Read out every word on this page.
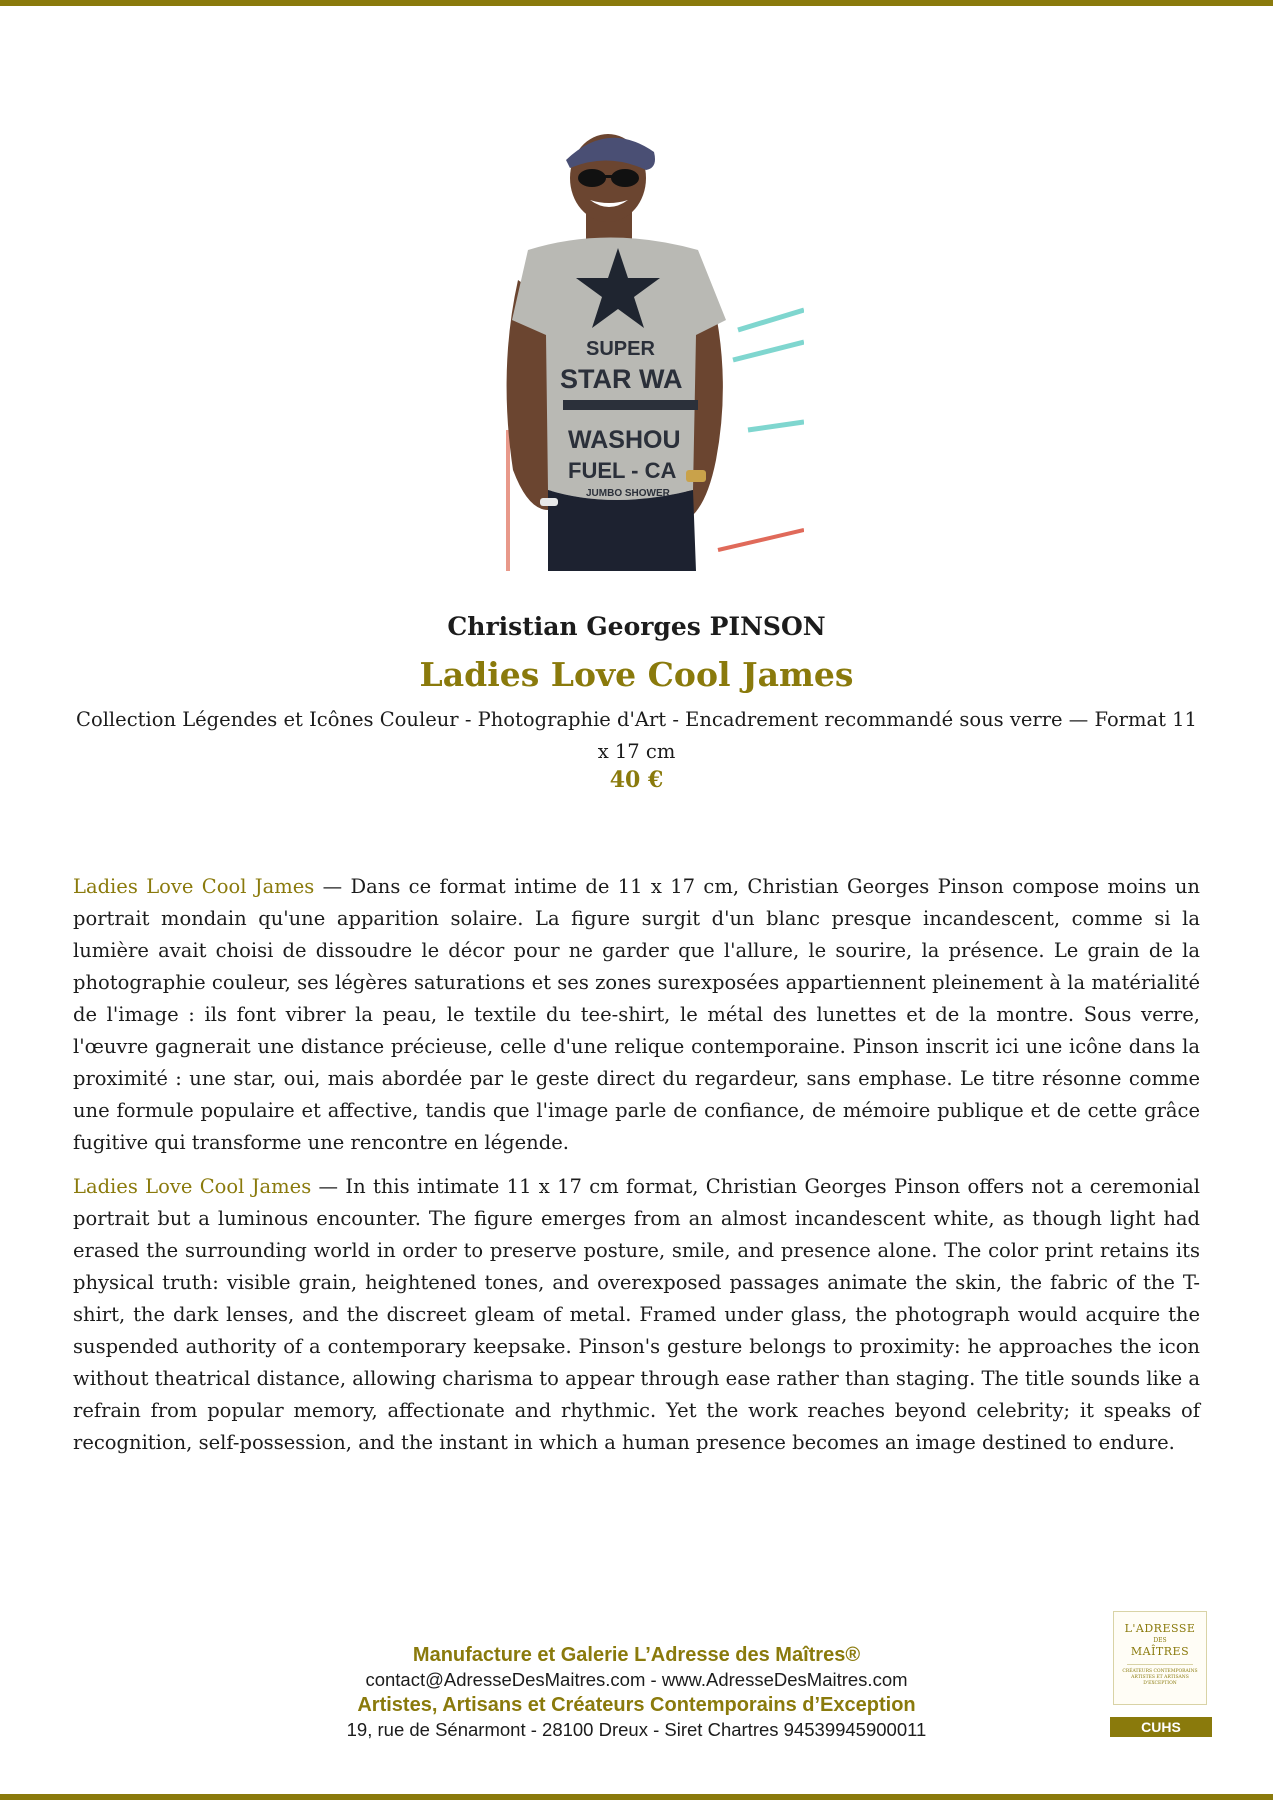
SUPER
STAR WA
WASHOU
FUEL - CA
JUMBO SHOWER
Christian Georges PINSON
Ladies Love Cool James
Collection Légendes et Icônes Couleur - Photographie d'Art - Encadrement recommandé sous verre — Format 11 x 17 cm
40 €

Ladies Love Cool James — Dans ce format intime de 11 x 17 cm, Christian Georges Pinson compose moins un portrait mondain qu'une apparition solaire. La figure surgit d'un blanc presque incandescent, comme si la lumière avait choisi de dissoudre le décor pour ne garder que l'allure, le sourire, la présence. Le grain de la photographie couleur, ses légères saturations et ses zones surexposées appartiennent pleinement à la matérialité de l'image : ils font vibrer la peau, le textile du tee-shirt, le métal des lunettes et de la montre. Sous verre, l'œuvre gagnerait une distance précieuse, celle d'une relique contemporaine. Pinson inscrit ici une icône dans la proximité : une star, oui, mais abordée par le geste direct du regardeur, sans emphase. Le titre résonne comme une formule populaire et affective, tandis que l'image parle de confiance, de mémoire publique et de cette grâce fugitive qui transforme une rencontre en légende.

Ladies Love Cool James — In this intimate 11 x 17 cm format, Christian Georges Pinson offers not a ceremonial portrait but a luminous encounter. The figure emerges from an almost incandescent white, as though light had erased the surrounding world in order to preserve posture, smile, and presence alone. The color print retains its physical truth: visible grain, heightened tones, and overexposed passages animate the skin, the fabric of the T-shirt, the dark lenses, and the discreet gleam of metal. Framed under glass, the photograph would acquire the suspended authority of a contemporary keepsake. Pinson's gesture belongs to proximity: he approaches the icon without theatrical distance, allowing charisma to appear through ease rather than staging. The title sounds like a refrain from popular memory, affectionate and rhythmic. Yet the work reaches beyond celebrity; it speaks of recognition, self-possession, and the instant in which a human presence becomes an image destined to endure.

Manufacture et Galerie L’Adresse des Maîtres®
contact@AdresseDesMaitres.com - www.AdresseDesMaitres.com
Artistes, Artisans et Créateurs Contemporains d’Exception
19, rue de Sénarmont - 28100 Dreux - Siret Chartres 94539945900011
L'ADRESSE
DES
MAÎTRES
CRÉATEURS CONTEMPORAINS ARTISTES ET ARTISANS D'EXCEPTION
CUHS
